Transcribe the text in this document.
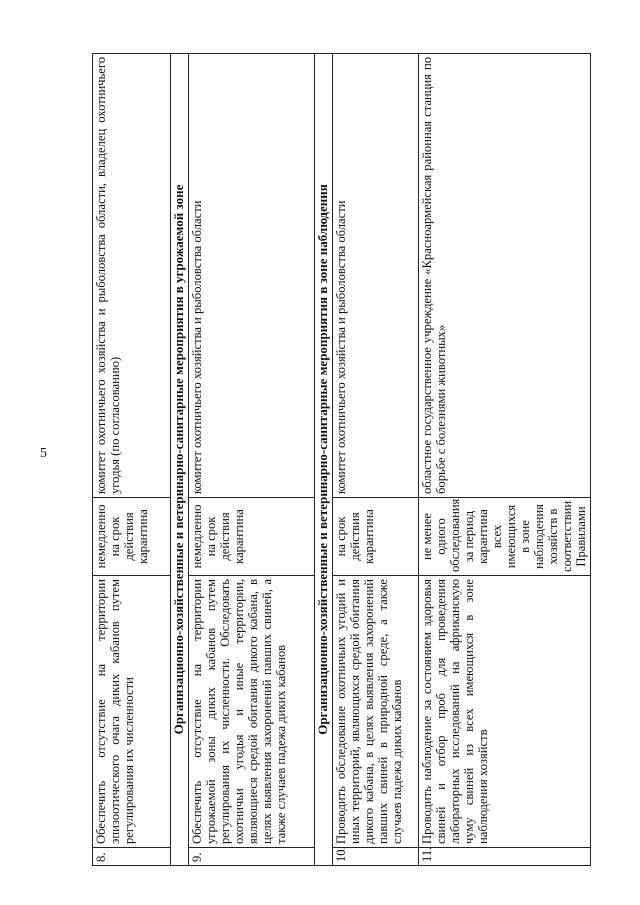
5
8.	Обеспечить отсутствие на территории эпизоотического очага диких кабанов путем регулирования их численности	немедленно на срок действия карантина	комитет охотничьего хозяйства и рыболовства области, владелец охотничьего угодья (по согласованию)
Организационно-хозяйственные и ветеринарно-санитарные мероприятия в угрожаемой зоне			
9.	Обеспечить отсутствие на территории угрожаемой зоны диких кабанов путем регулирования их численности. Обследовать охотничьи угодья и иные территории, являющиеся средой обитания дикого кабана, в целях выявления захоронений павших свиней, а также случаев падежа диких кабанов	немедленно на срок действия карантина	комитет охотничьего хозяйства и рыболовства области
Организационно-хозяйственные и ветеринарно-санитарные мероприятия в зоне наблюдения			
10.	Проводить обследование охотничьих угодий и иных территорий, являющихся средой обитания дикого кабана, в целях выявления захоронений павших свиней в природной среде, а также случаев падежа диких кабанов	на срок действия карантина	комитет охотничьего хозяйства и рыболовства области
11.	Проводить наблюдение за состоянием здоровья свиней и отбор проб для проведения лабораторных исследований на африканскую чуму свиней из всех имеющихся в зоне наблюдения хозяйств	не менее одного обследования за период карантина всех имеющихся в зоне наблюдения хозяйств в соответствии Правилами	областное государственное учреждение «Красноармейская районная станция по борьбе с болезнями животных»
